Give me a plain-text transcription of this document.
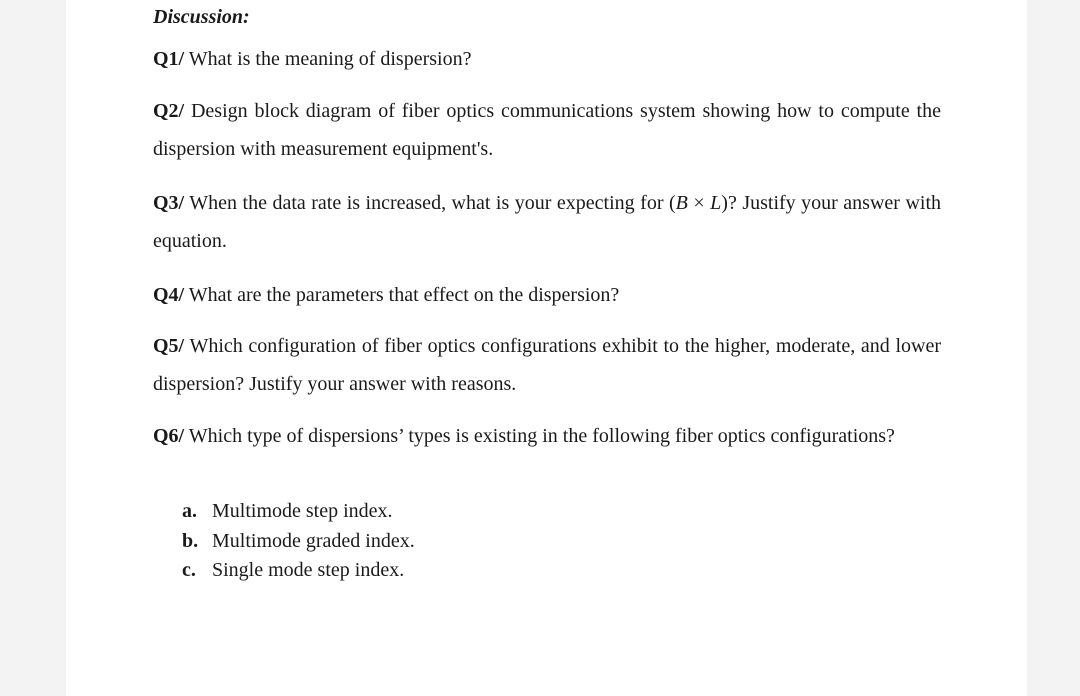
Discussion:
Q1/ What is the meaning of dispersion?
Q2/ Design block diagram of fiber optics communications system showing how to compute the dispersion with measurement equipment's.
Q3/ When the data rate is increased, what is your expecting for (B × L)? Justify your answer with equation.
Q4/ What are the parameters that effect on the dispersion?
Q5/ Which configuration of fiber optics configurations exhibit to the higher, moderate, and lower dispersion? Justify your answer with reasons.
Q6/ Which type of dispersions’ types is existing in the following fiber optics configurations?
a. Multimode step index.
b. Multimode graded index.
c. Single mode step index.
